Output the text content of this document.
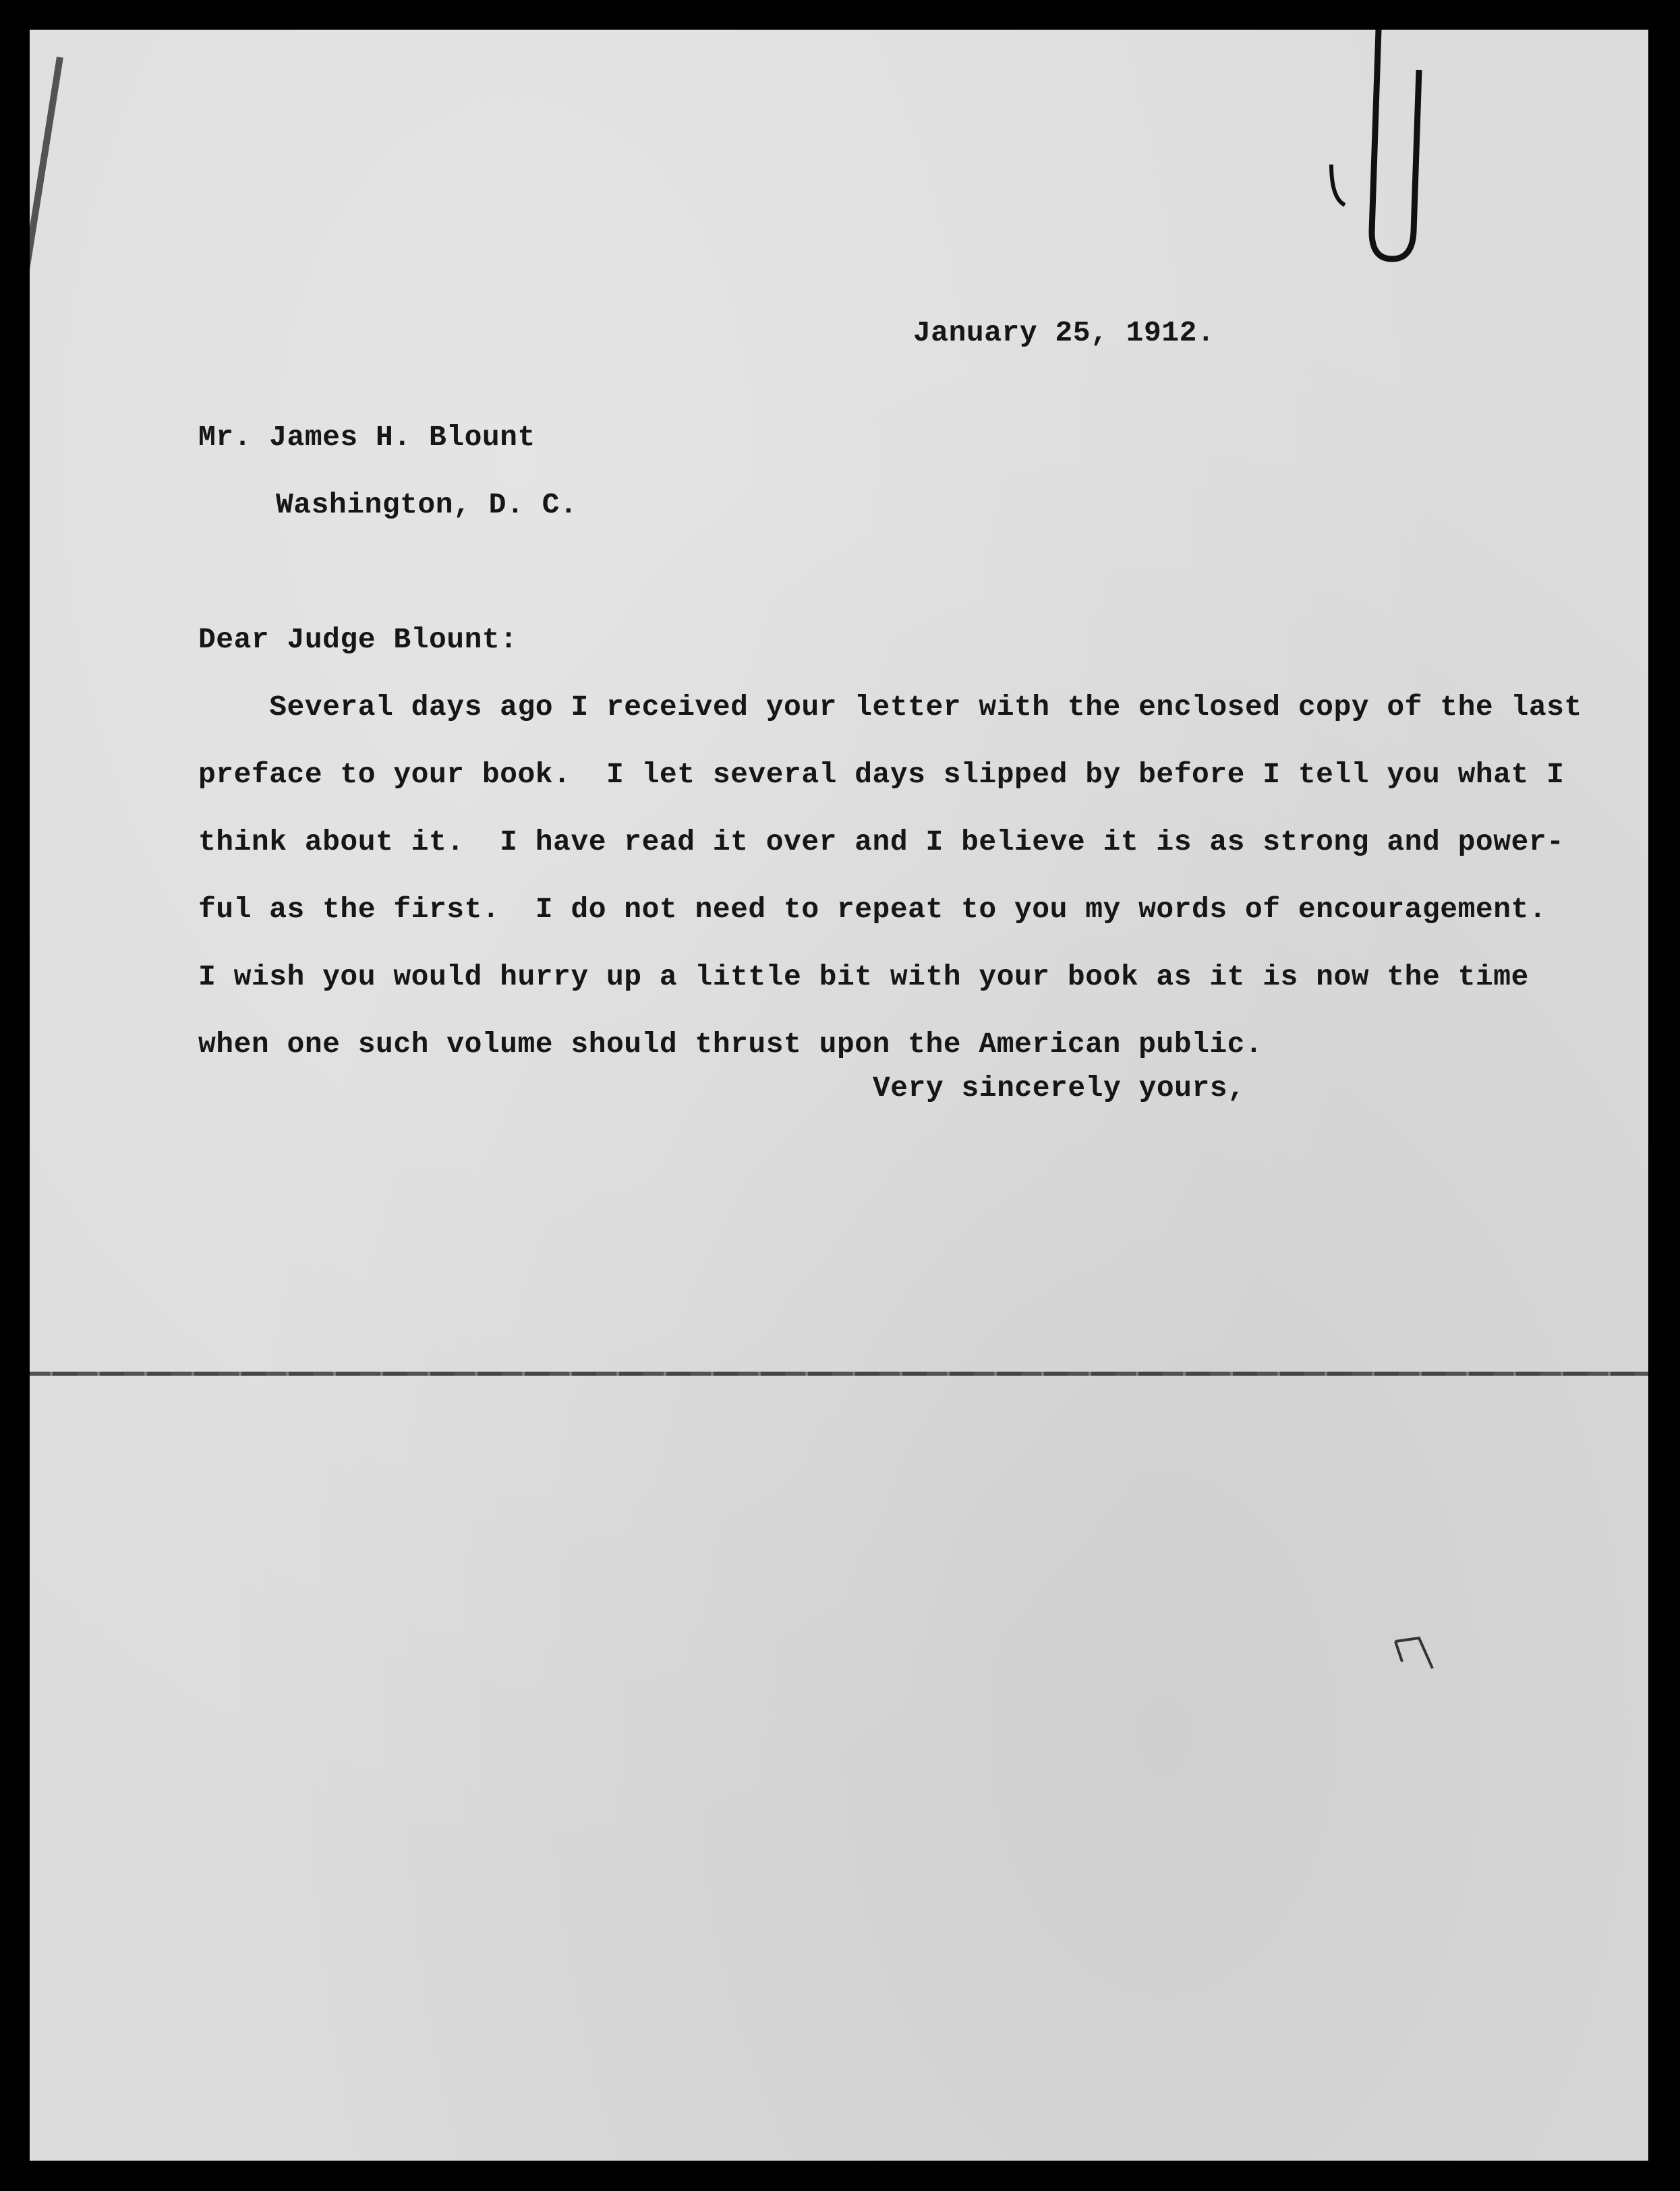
January 25, 1912.
Mr. James H. Blount
Washington, D. C.
Dear Judge Blount:
Several days ago I received your letter with the enclosed copy of the last
preface to your book.  I let several days slipped by before I tell you what I
think about it.  I have read it over and I believe it is as strong and power-
ful as the first.  I do not need to repeat to you my words of encouragement.
I wish you would hurry up a little bit with your book as it is now the time
when one such volume should thrust upon the American public.
Very sincerely yours,
